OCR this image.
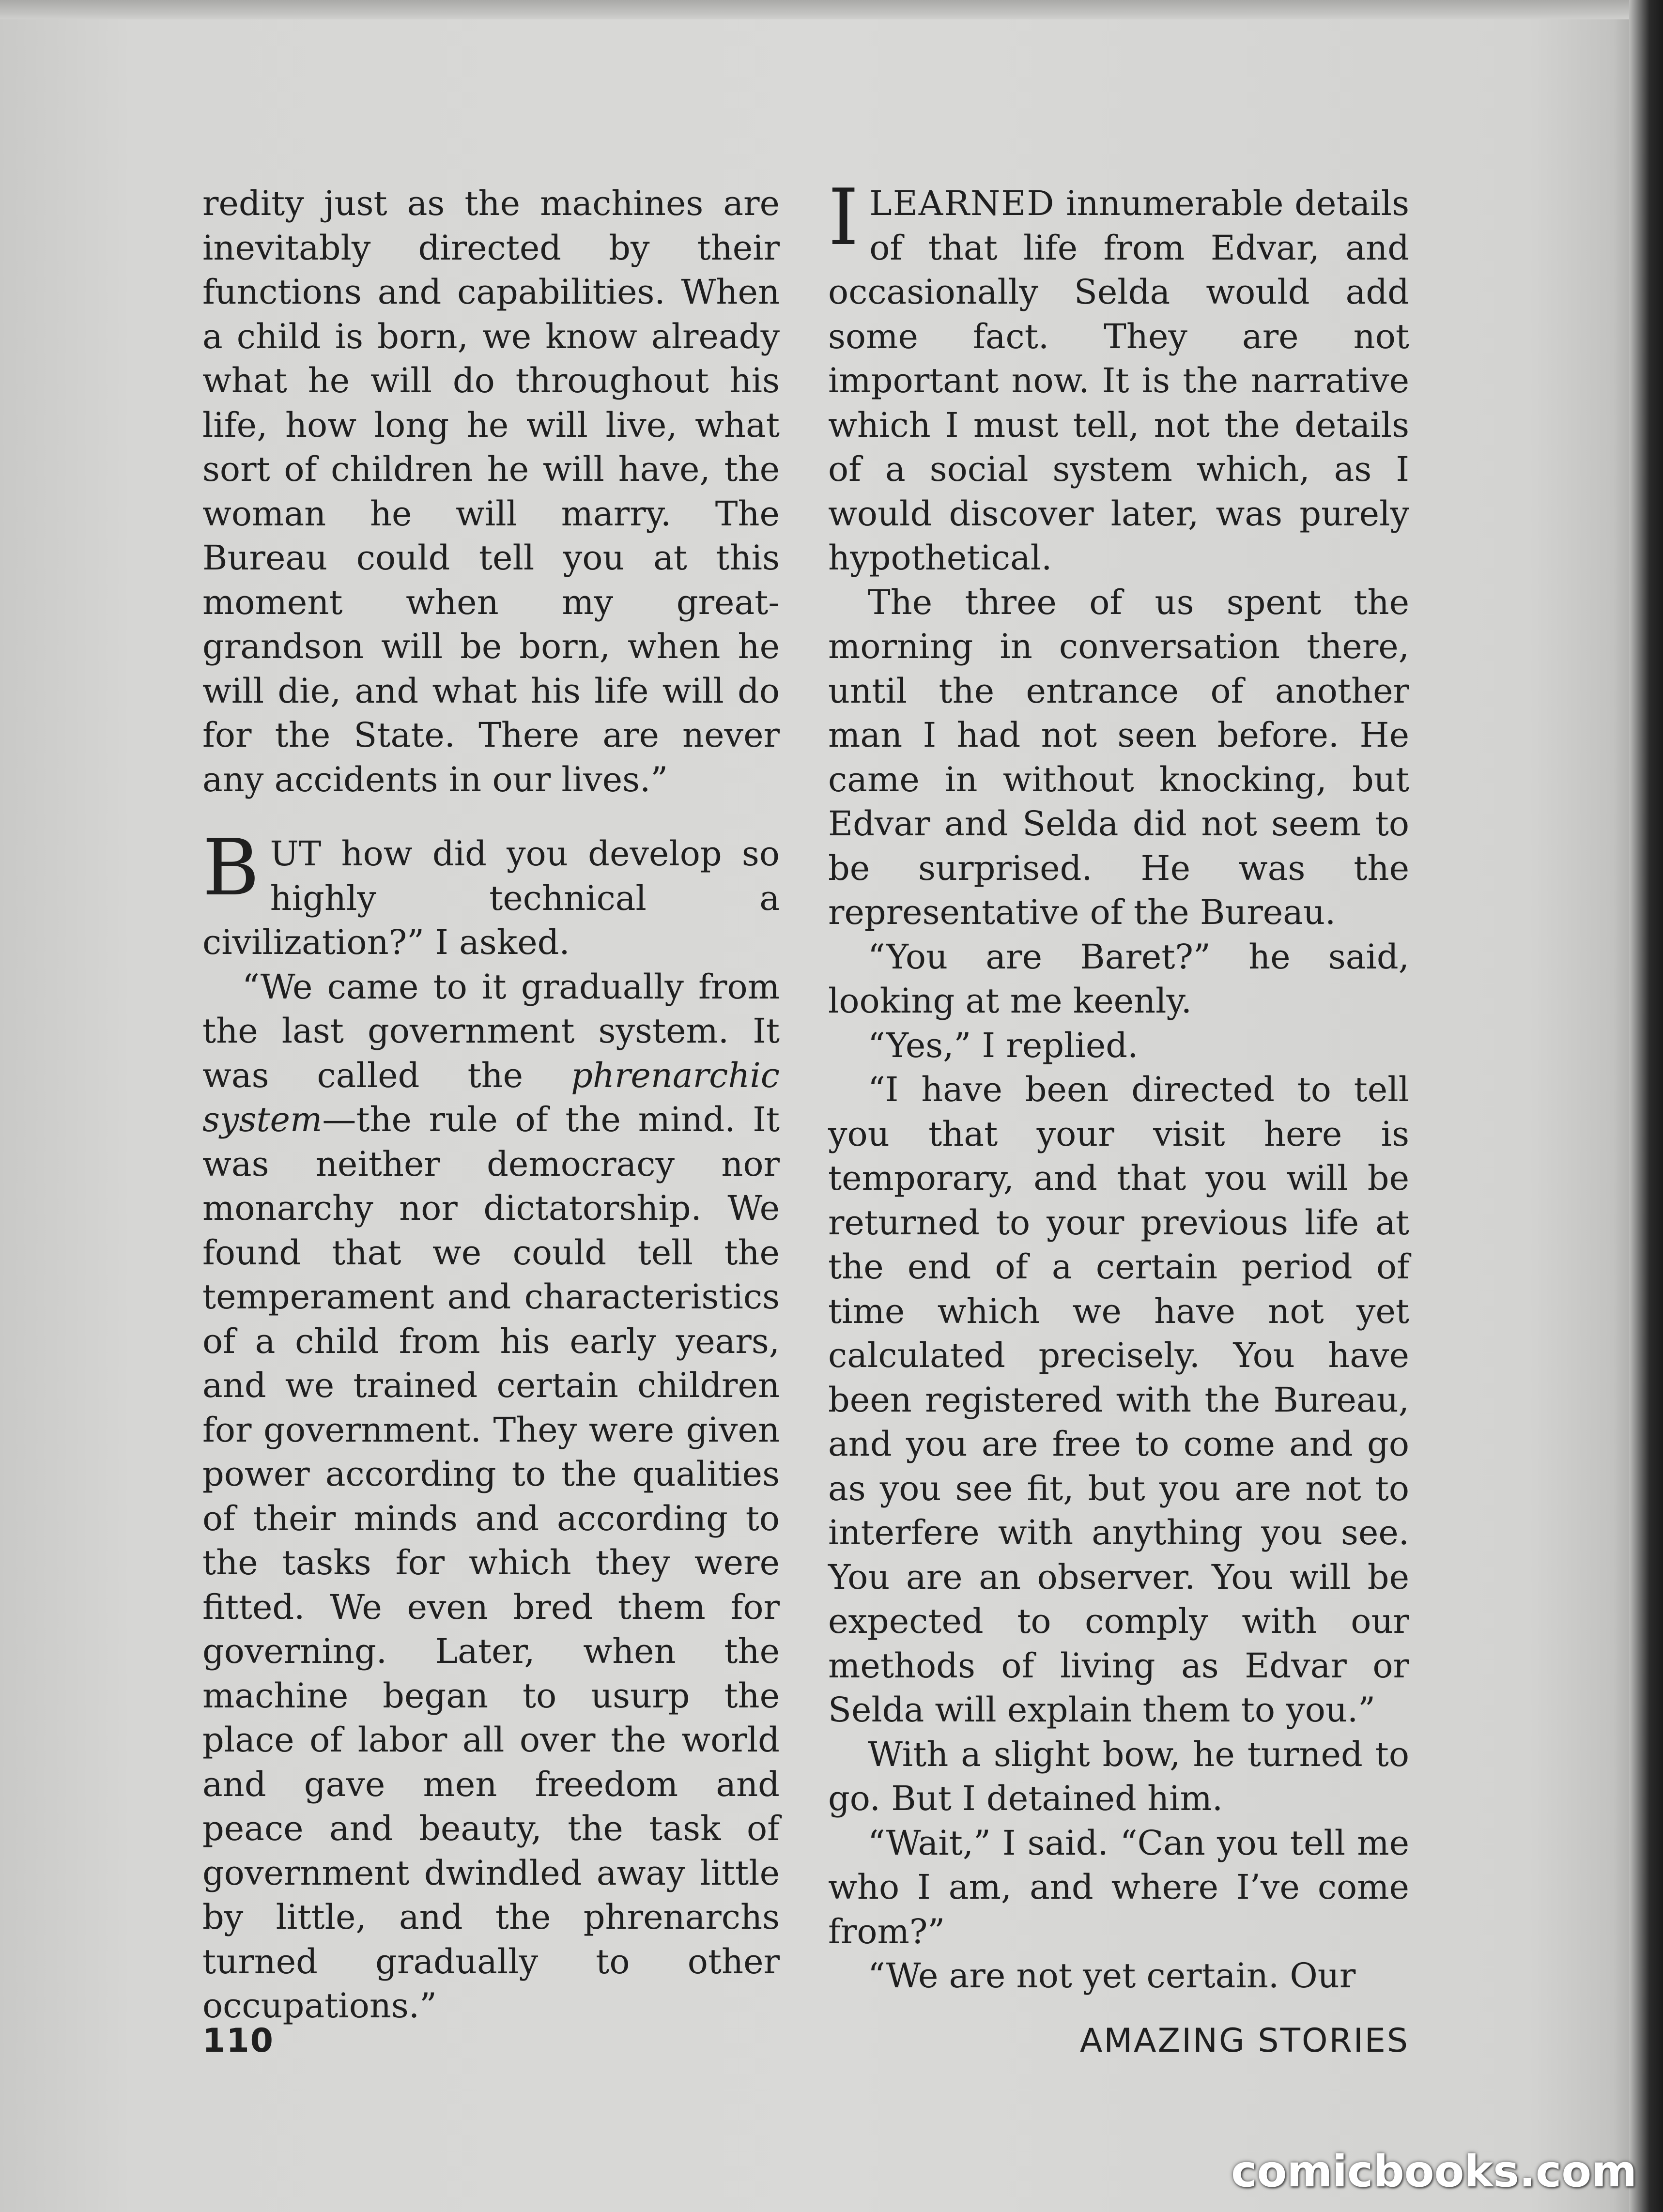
redity just as the machines are inevitably directed by their functions and capabilities. When a child is born, we know already what he will do throughout his life, how long he will live, what sort of children he will have, the woman he will marry. The Bureau could tell you at this moment when my great-grandson will be born, when he will die, and what his life will do for the State. There are never any accidents in our lives.”

BUT how did you develop so highly technical a civilization?” I asked.

“We came to it gradually from the last government system. It was called the phrenarchic system—the rule of the mind. It was neither democracy nor monarchy nor dictatorship. We found that we could tell the temperament and characteristics of a child from his early years, and we trained certain children for government. They were given power according to the qualities of their minds and according to the tasks for which they were fitted. We even bred them for governing. Later, when the machine began to usurp the place of labor all over the world and gave men freedom and peace and beauty, the task of government dwindled away little by little, and the phrenarchs turned gradually to other occupations.”

ILEARNED innumerable details of that life from Edvar, and occasionally Selda would add some fact. They are not important now. It is the narrative which I must tell, not the details of a social system which, as I would discover later, was purely hypothetical.

The three of us spent the morning in conversation there, until the entrance of another man I had not seen before. He came in without knocking, but Edvar and Selda did not seem to be surprised. He was the representative of the Bureau.

“You are Baret?” he said, looking at me keenly.

“Yes,” I replied.

“I have been directed to tell you that your visit here is temporary, and that you will be returned to your previous life at the end of a certain period of time which we have not yet calculated precisely. You have been registered with the Bureau, and you are free to come and go as you see fit, but you are not to interfere with anything you see. You are an observer. You will be expected to comply with our methods of living as Edvar or Selda will explain them to you.”

With a slight bow, he turned to go. But I detained him.

“Wait,” I said. “Can you tell me who I am, and where I’ve come from?”

“We are not yet certain. Our

110	AMAZING STORIES
comicbooks.com
